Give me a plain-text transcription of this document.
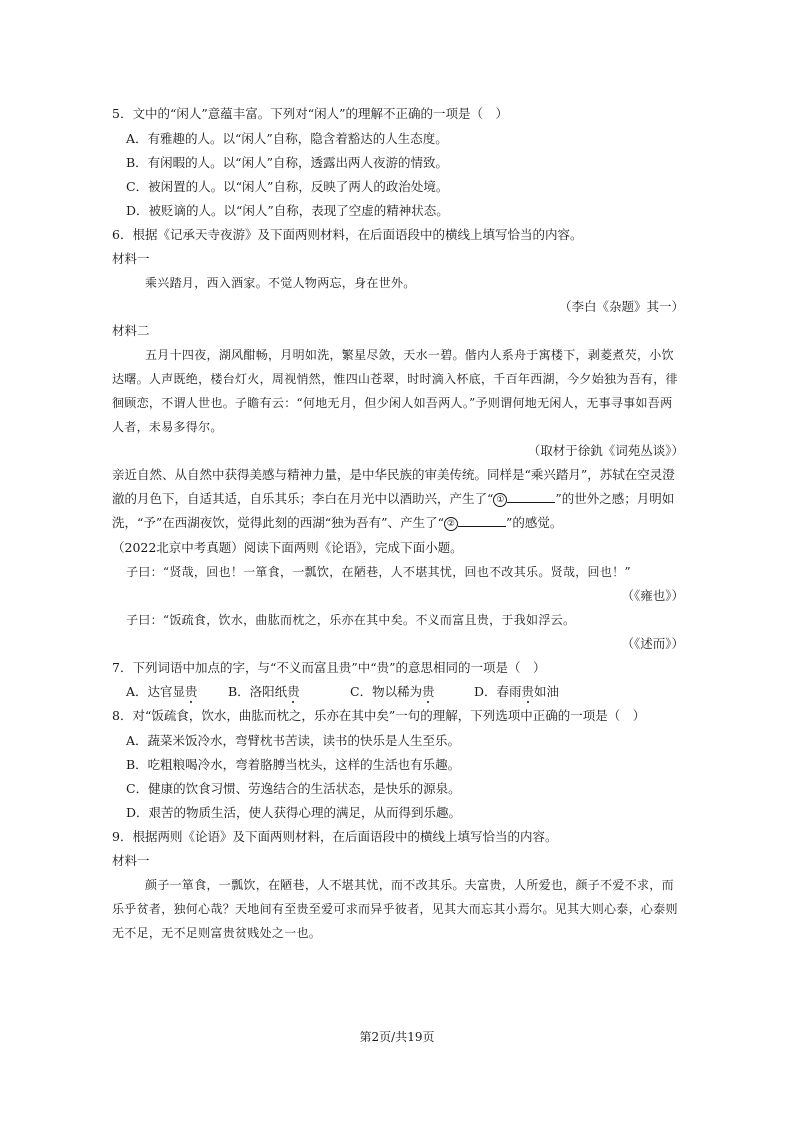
5．文中的“闲人”意蕴丰富。下列对“闲人”的理解不正确的一项是（　）
A．有雅趣的人。以“闲人”自称，隐含着豁达的人生态度。
B．有闲暇的人。以“闲人”自称，透露出两人夜游的情致。
C．被闲置的人。以“闲人”自称，反映了两人的政治处境。
D．被贬谪的人。以“闲人”自称，表现了空虚的精神状态。
6．根据《记承天寺夜游》及下面两则材料，在后面语段中的横线上填写恰当的内容。
材料一
乘兴踏月，西入酒家。不觉人物两忘，身在世外。
（李白《杂题》其一）
材料二
五月十四夜，湖风酣畅，月明如洗，繁星尽敛，天水一碧。偕内人系舟于寓楼下，剥菱煮芡，小饮达曙。人声既绝，楼台灯火，周视悄然，惟四山苍翠，时时滴入杯底，千百年西湖，今夕始独为吾有，徘徊顾恋，不谓人世也。子瞻有云：“何地无月，但少闲人如吾两人。”予则谓何地无闲人，无事寻事如吾两人者，未易多得尔。
（取材于徐釚《词苑丛谈》）
亲近自然、从自然中获得美感与精神力量，是中华民族的审美传统。同样是“乘兴踏月”，苏轼在空灵澄澈的月色下，自适其适，自乐其乐；李白在月光中以酒助兴，产生了“ ①	”的世外之感；月明如洗，“予”在西湖夜饮，觉得此刻的西湖“独为吾有”、产生了“ ②	”的感觉。
（2022北京中考真题）阅读下面两则《论语》，完成下面小题。
子曰：“贤哉，回也！一箪食，一瓢饮，在陋巷，人不堪其忧，回也不改其乐。贤哉，回也！”
（《雍也》）
子曰：“饭疏食，饮水，曲肱而枕之，乐亦在其中矣。不义而富且贵，于我如浮云。
（《述而》）
7．下列词语中加点的字，与“不义而富且贵”中“贵”的意思相同的一项是（　）
A．达官显贵 B．洛阳纸贵	C．物以稀为贵	D．春雨贵如油
8．对“饭疏食，饮水，曲肱而枕之，乐亦在其中矣”一句的理解，下列选项中正确的一项是（　）
A．蔬菜米饭冷水，弯臂枕书苦读，读书的快乐是人生至乐。
B．吃粗粮喝冷水，弯着胳膊当枕头，这样的生活也有乐趣。
C．健康的饮食习惯、劳逸结合的生活状态，是快乐的源泉。
D．艰苦的物质生活，使人获得心理的满足，从而得到乐趣。
9．根据两则《论语》及下面两则材料，在后面语段中的横线上填写恰当的内容。
材料一
颜子一箪食，一瓢饮，在陋巷，人不堪其忧，而不改其乐。夫富贵，人所爱也，颜子不爱不求，而乐乎贫者，独何心哉？天地间有至贵至爱可求而异乎彼者，见其大而忘其小焉尔。见其大则心泰，心泰则无不足，无不足则富贵贫贱处之一也。
第2页/共19页
